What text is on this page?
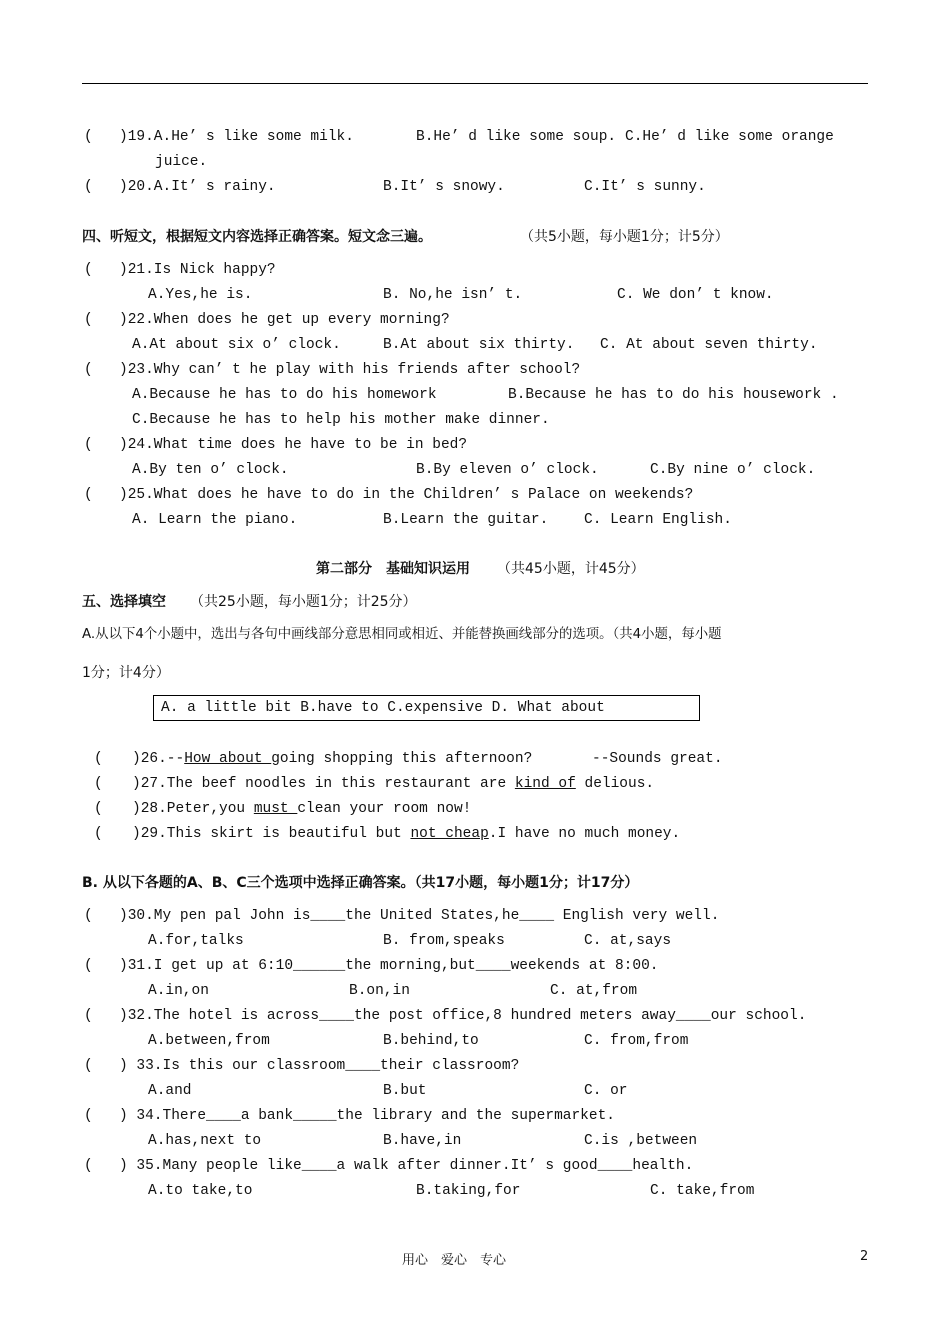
( )19.A.He’ s like some milk.	B.He’ d like some soup. C.He’ d like some orange
juice.
( )20.A.It’ s rainy.	B.It’ s snowy.	C.It’ s sunny.
四、听短文，根据短文内容选择正确答案。短文念三遍。	（共5小题，每小题1分；计5分）
( )21.Is Nick happy?
A.Yes,he is.	B. No,he isn’ t.	C. We don’ t know.
( )22.When does he get up every morning?
A.At about six o’ clock.	B.At about six thirty. C. At about seven thirty.
( )23.Why can’ t he play with his friends after school?
A.Because he has to do his homework	B.Because he has to do his housework .
C.Because he has to help his mother make dinner.
( )24.What time does he have to be in bed?
A.By ten o’ clock.	B.By eleven o’ clock.	C.By nine o’ clock.
( )25.What does he have to do in the Children’ s Palace on weekends?
A. Learn the piano.	B.Learn the guitar. C. Learn English.
第二部分　基础知识运用 （共45小题，计45分）
五、选择填空 （共25小题，每小题1分；计25分）
A.从以下4个小题中，选出与各句中画线部分意思相同或相近、并能替换画线部分的选项。（共4小题，每小题
1分；计4分）
A. a little bit B.have to C.expensive D. What about
( )26.--How about going shopping this afternoon?	--Sounds great.
( )27.The beef noodles in this restaurant are kind of delious.
( )28.Peter,you must clean your room now!
( )29.This skirt is beautiful but not cheap.I have no much money.
B. 从以下各题的A、B、C三个选项中选择正确答案。（共17小题，每小题1分；计17分）
( )30.My pen pal John is____the United States,he____ English very well.
A.for,talks	B. from,speaks	C. at,says
( )31.I get up at 6:10______the morning,but____weekends at 8:00.
A.in,on	B.on,in	C. at,from
( )32.The hotel is across____the post office,8 hundred meters away____our school.
A.between,from	B.behind,to	C. from,from
( ) 33.Is this our classroom____their classroom?
A.and	B.but	C. or
( ) 34.There____a bank_____the library and the supermarket.
A.has,next to	B.have,in	C.is ,between
( ) 35.Many people like____a walk after dinner.It’ s good____health.
A.to take,to	B.taking,for	C. take,from
用心　爱心　专心	2
